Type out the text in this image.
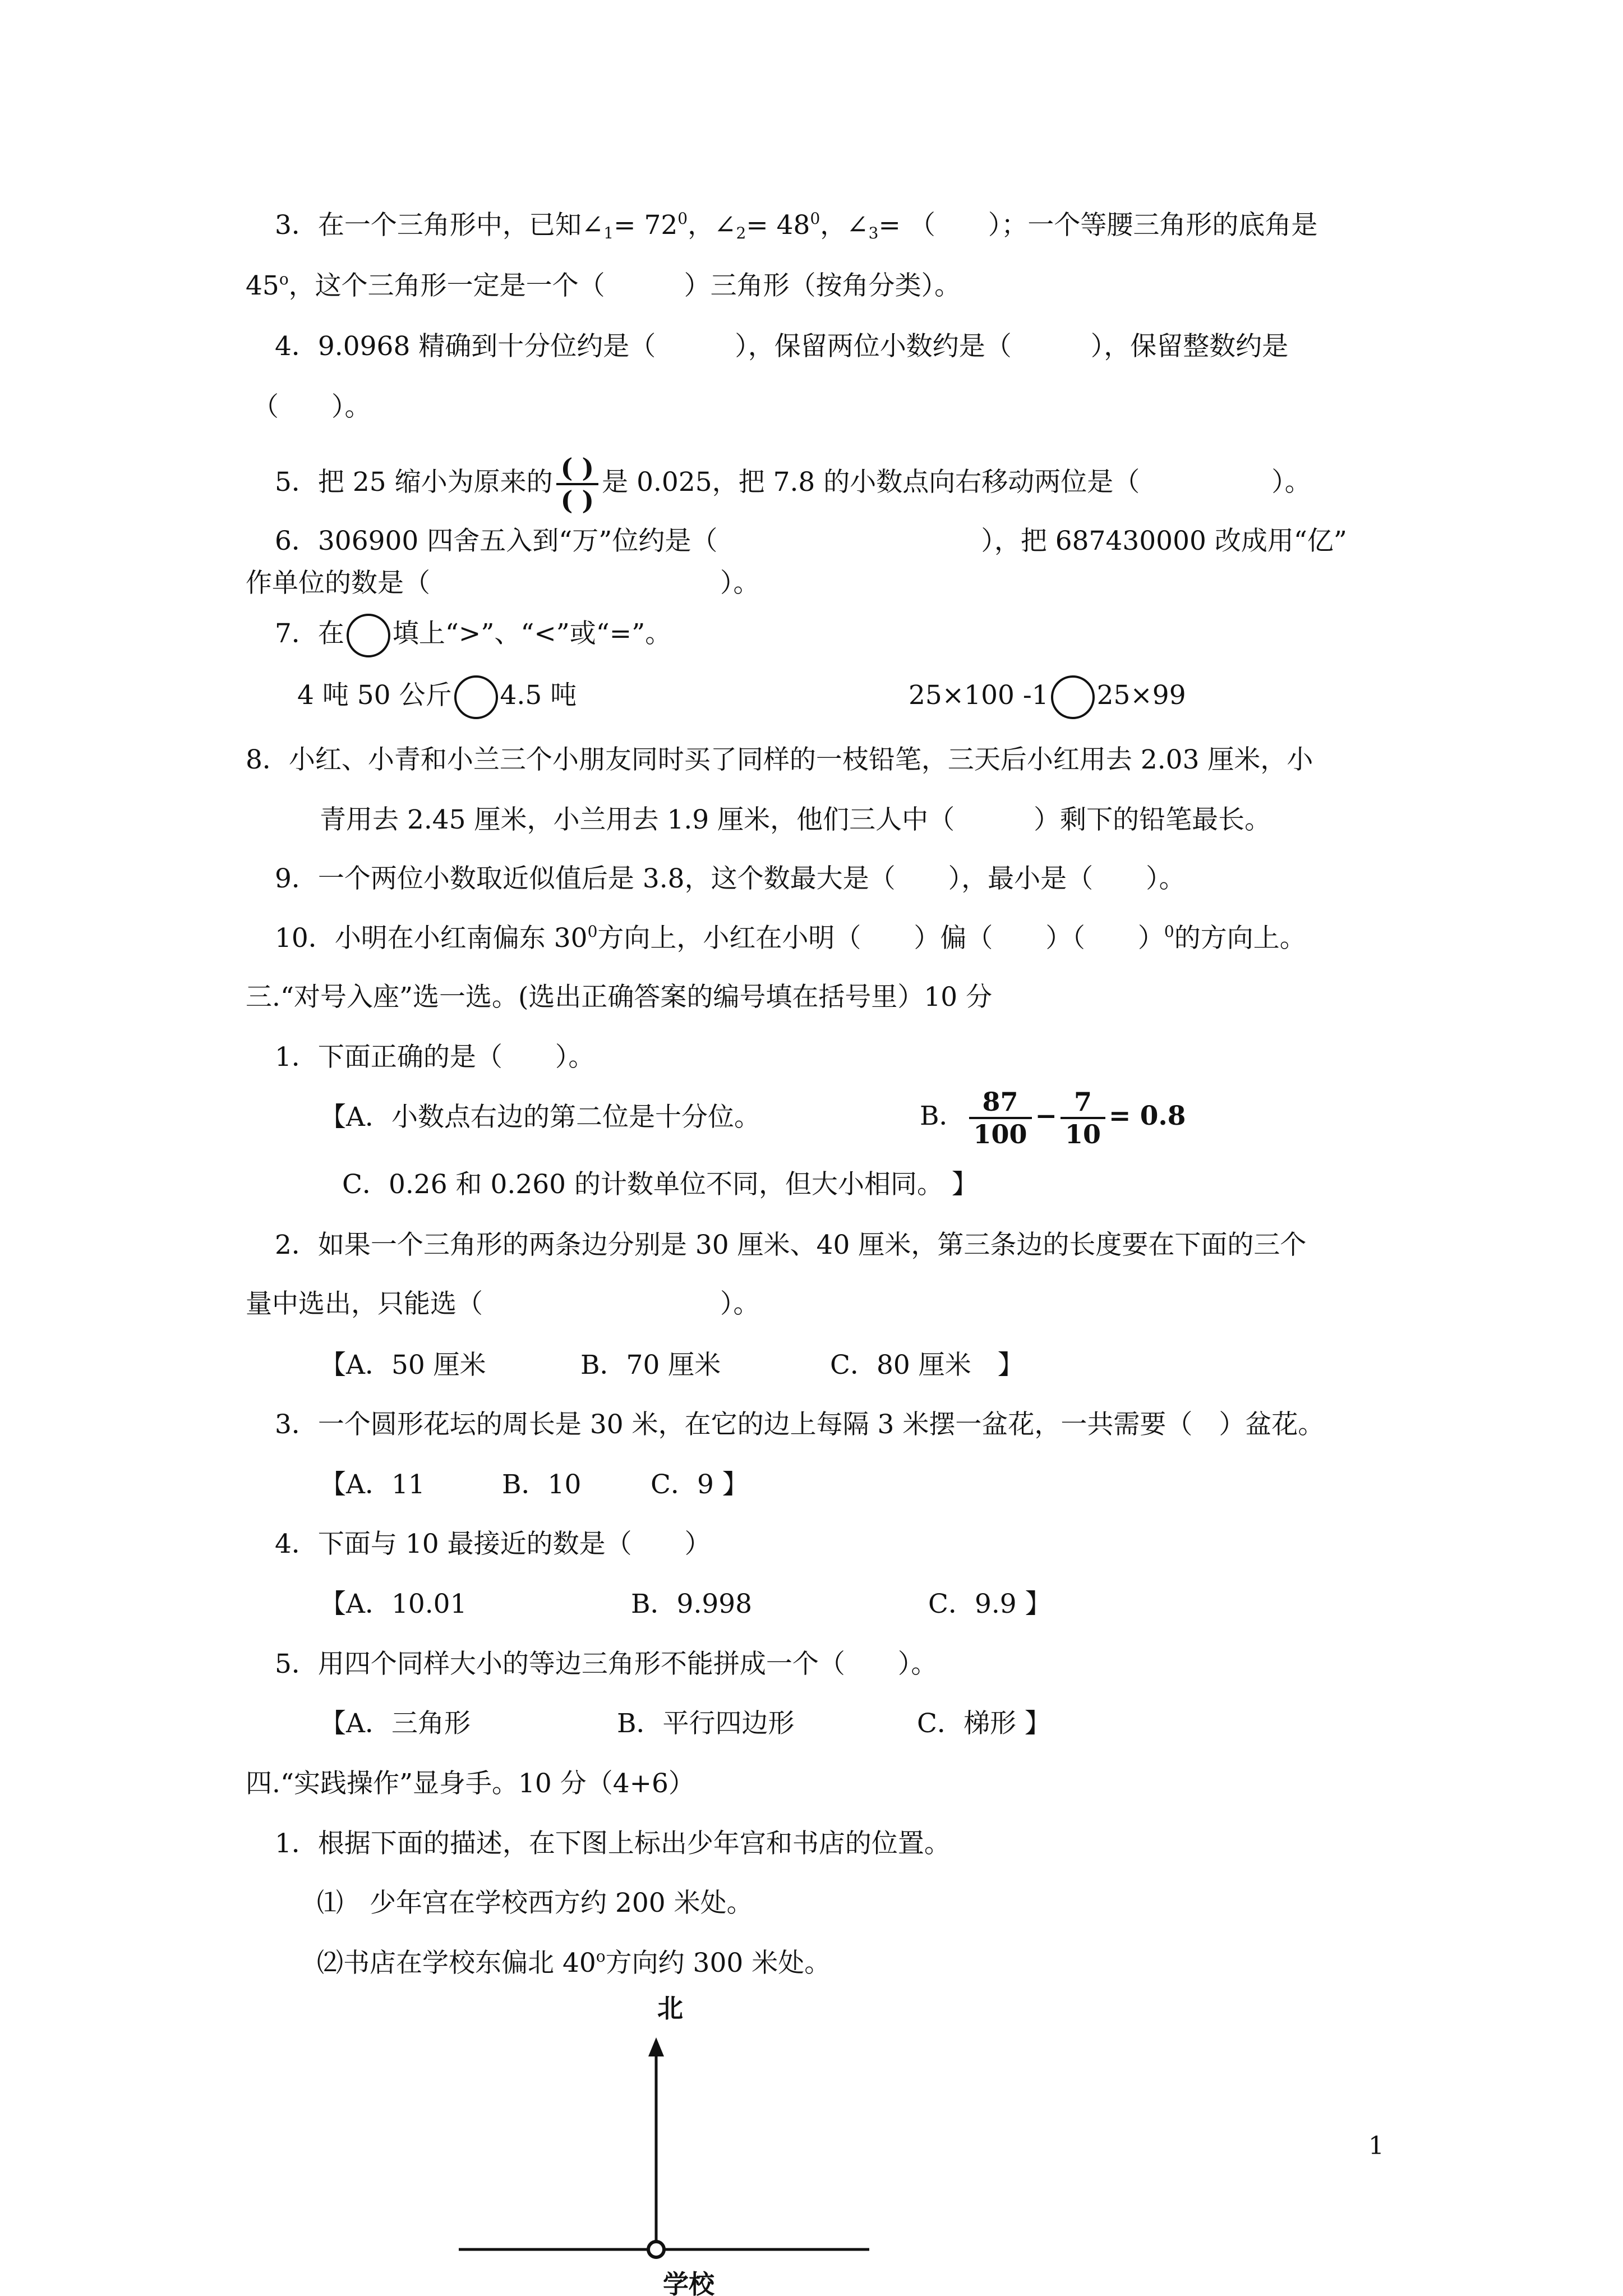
3．在一个三角形中，已知$\angle_1= 72^0$，$\angle_2= 48^0$，$\angle_3=$ （　　）；一个等腰三角形的底角是
45$^o$，这个三角形一定是一个（　　　）三角形（按角分类）。
4．9.0968 精确到十分位约是（　　　），保留两位小数约是（　　　），保留整数约是
（　　）。
5．把 25 缩小为原来的 $\frac{( )}{( )}$ 是 0.025，把 7.8 的小数点向右移动两位是（　　　　　）。
6．306900 四舍五入到“万”位约是（　　　　　　　　　　），把 687430000 改成用“亿”
作单位的数是（　　　　　　　　　　　）。
7．在 填上“>”、“<”或“=”。
4 吨 50 公斤 4.5 吨	25×100 -1 25×99
8．小红、小青和小兰三个小朋友同时买了同样的一枝铅笔，三天后小红用去 2.03 厘米，小
青用去 2.45 厘米，小兰用去 1.9 厘米，他们三人中（　　　）剩下的铅笔最长。
9．一个两位小数取近似值后是 3.8，这个数最大是（　　），最小是（　　）。
10．小明在小红南偏东 $30^0$方向上，小红在小明（　　）偏（　　）（　　）$^0$的方向上。
三.“对号入座”选一选。(选出正确答案的编号填在括号里）10 分
1．下面正确的是（　　）。
【A．小数点右边的第二位是十分位。	B． $\frac{87}{100} - \frac{7}{10} = 0.8$
C．0.26 和 0.260 的计数单位不同，但大小相同。 】
2．如果一个三角形的两条边分别是 30 厘米、40 厘米，第三条边的长度要在下面的三个
量中选出，只能选（　　　　　　　　　）。
【A．50 厘米	B．70 厘米	C．80 厘米　】
3．一个圆形花坛的周长是 30 米，在它的边上每隔 3 米摆一盆花，一共需要（　）盆花。
【A．11	B．10	C．9 】
4．下面与 10 最接近的数是（　　）
【A．10.01	B．9.998	C．9.9 】
5．用四个同样大小的等边三角形不能拼成一个（　　）。
【A．三角形	B．平行四边形	C．梯形 】
四.“实践操作”显身手。10 分（4+6）
1．根据下面的描述，在下图上标出少年宫和书店的位置。
⑴　少年宫在学校西方约 200 米处。
⑵书店在学校东偏北 40$^o$方向约 300 米处。
北
学校
1
